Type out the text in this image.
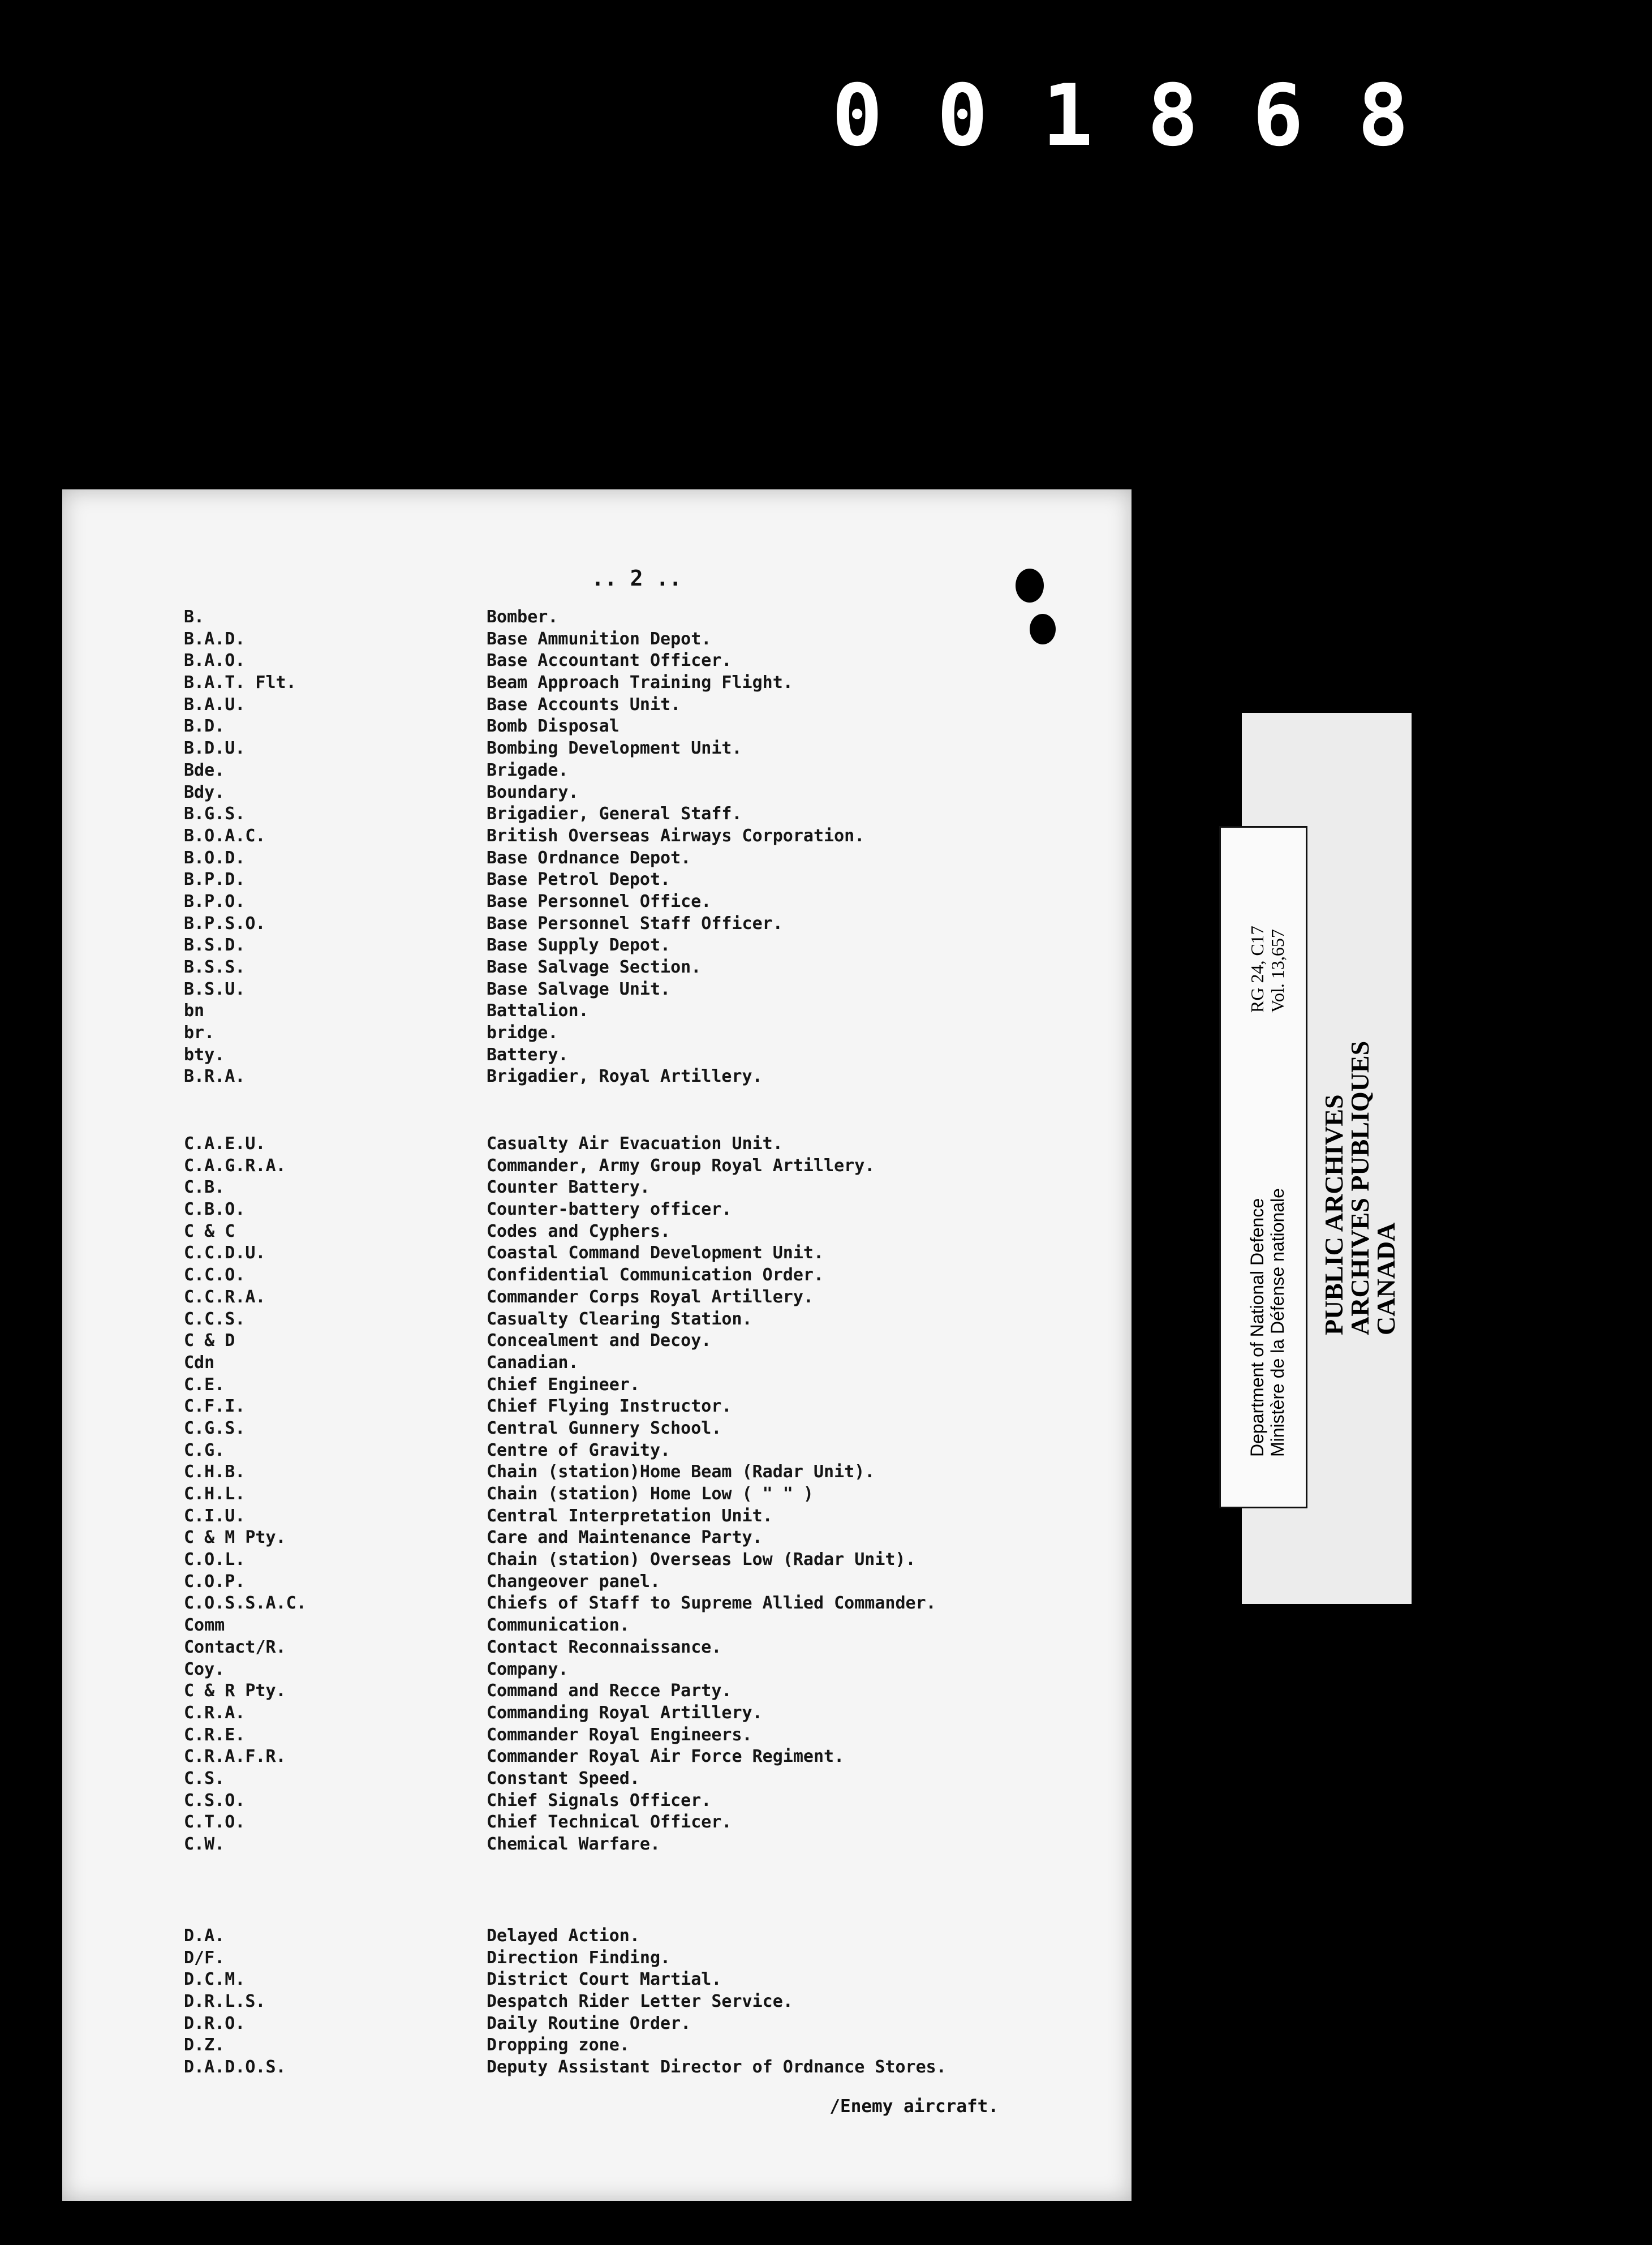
0 0 1 8 6 8
.. 2 ..
B.	Bomber.
B.A.D.	Base Ammunition Depot.
B.A.O.	Base Accountant Officer.
B.A.T. Flt.	Beam Approach Training Flight.
B.A.U.	Base Accounts Unit.
B.D.	Bomb Disposal
B.D.U.	Bombing Development Unit.
Bde.	Brigade.
Bdy.	Boundary.
B.G.S.	Brigadier, General Staff.
B.O.A.C.	British Overseas Airways Corporation.
B.O.D.	Base Ordnance Depot.
B.P.D.	Base Petrol Depot.
B.P.O.	Base Personnel Office.
B.P.S.O.	Base Personnel Staff Officer.
B.S.D.	Base Supply Depot.
B.S.S.	Base Salvage Section.
B.S.U.	Base Salvage Unit.
bn	Battalion.
br.	bridge.
bty.	Battery.
B.R.A.	Brigadier, Royal Artillery.
C.A.E.U.	Casualty Air Evacuation Unit.
C.A.G.R.A.	Commander, Army Group Royal Artillery.
C.B.	Counter Battery.
C.B.O.	Counter-battery officer.
C & C	Codes and Cyphers.
C.C.D.U.	Coastal Command Development Unit.
C.C.O.	Confidential Communication Order.
C.C.R.A.	Commander Corps Royal Artillery.
C.C.S.	Casualty Clearing Station.
C & D	Concealment and Decoy.
Cdn	Canadian.
C.E.	Chief Engineer.
C.F.I.	Chief Flying Instructor.
C.G.S.	Central Gunnery School.
C.G.	Centre of Gravity.
C.H.B.	Chain (station)Home Beam (Radar Unit).
C.H.L.	Chain (station) Home Low ( " " )
C.I.U.	Central Interpretation Unit.
C & M Pty.	Care and Maintenance Party.
C.O.L.	Chain (station) Overseas Low (Radar Unit).
C.O.P.	Changeover panel.
C.O.S.S.A.C.	Chiefs of Staff to Supreme Allied Commander.
Comm	Communication.
Contact/R.	Contact Reconnaissance.
Coy.	Company.
C & R Pty.	Command and Recce Party.
C.R.A.	Commanding Royal Artillery.
C.R.E.	Commander Royal Engineers.
C.R.A.F.R.	Commander Royal Air Force Regiment.
C.S.	Constant Speed.
C.S.O.	Chief Signals Officer.
C.T.O.	Chief Technical Officer.
C.W.	Chemical Warfare.
D.A.	Delayed Action.
D/F.	Direction Finding.
D.C.M.	District Court Martial.
D.R.L.S.	Despatch Rider Letter Service.
D.R.O.	Daily Routine Order.
D.Z.	Dropping zone.
D.A.D.O.S.	Deputy Assistant Director of Ordnance Stores.
/Enemy aircraft.
Department of National Defence Ministère de la Défense nationale
RG 24, C17 Vol. 13,657
PUBLIC ARCHIVES
ARCHIVES PUBLIQUES
CANADA
